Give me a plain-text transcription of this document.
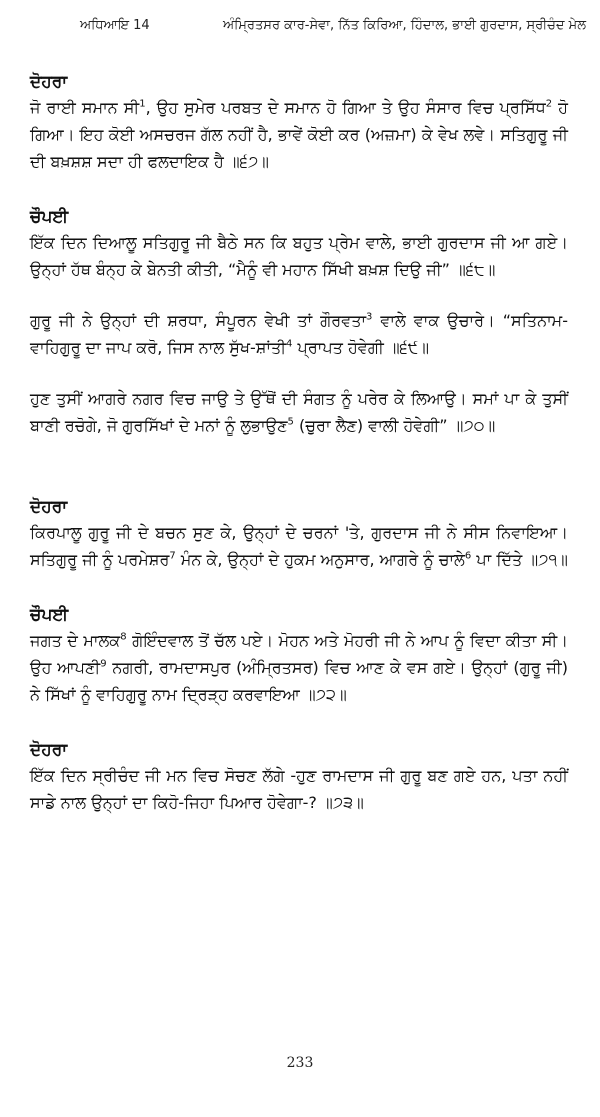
ਅਧਿਆਇ 14	ਅੰਮ੍ਰਿਤਸਰ ਕਾਰ-ਸੇਵਾ, ਨਿੱਤ ਕਿਰਿਆ, ਹਿੰਦਾਲ, ਭਾਈ ਗੁਰਦਾਸ, ਸ੍ਰੀਚੰਦ ਮੇਲ

ਦੋਹਰਾ

ਜੋ ਰਾਈ ਸਮਾਨ ਸੀ$^1$, ਉਹ ਸੁਮੇਰ ਪਰਬਤ ਦੇ ਸਮਾਨ ਹੋ ਗਿਆ ਤੇ ਉਹ ਸੰਸਾਰ ਵਿਚ ਪ੍ਰਸਿੱਧ$^2$ ਹੋ ਗਿਆ। ਇਹ ਕੋਈ ਅਸਚਰਜ ਗੱਲ ਨਹੀਂ ਹੈ, ਭਾਵੇਂ ਕੋਈ ਕਰ (ਅਜ਼ਮਾ) ਕੇ ਵੇਖ ਲਵੇ। ਸਤਿਗੁਰੂ ਜੀ ਦੀ ਬਖ਼ਸ਼ਸ਼ ਸਦਾ ਹੀ ਫਲਦਾਇਕ ਹੈ ॥੬੭॥

ਚੌਪਈ

ਇੱਕ ਦਿਨ ਦਿਆਲੂ ਸਤਿਗੁਰੂ ਜੀ ਬੈਠੇ ਸਨ ਕਿ ਬਹੁਤ ਪ੍ਰੇਮ ਵਾਲੇ, ਭਾਈ ਗੁਰਦਾਸ ਜੀ ਆ ਗਏ। ਉਨ੍ਹਾਂ ਹੱਥ ਬੰਨ੍ਹ ਕੇ ਬੇਨਤੀ ਕੀਤੀ, “ਮੈਨੂੰ ਵੀ ਮਹਾਨ ਸਿੱਖੀ ਬਖ਼ਸ਼ ਦਿਉ ਜੀ” ॥੬੮॥

ਗੁਰੂ ਜੀ ਨੇ ਉਨ੍ਹਾਂ ਦੀ ਸ਼ਰਧਾ, ਸੰਪੂਰਨ ਵੇਖੀ ਤਾਂ ਗੌਰਵਤਾ$^3$ ਵਾਲੇ ਵਾਕ ਉਚਾਰੇ। “ਸਤਿਨਾਮ-ਵਾਹਿਗੁਰੂ ਦਾ ਜਾਪ ਕਰੋ, ਜਿਸ ਨਾਲ ਸੁੱਖ-ਸ਼ਾਂਤੀ$^4$ ਪ੍ਰਾਪਤ ਹੋਵੇਗੀ ॥੬੯॥

ਹੁਣ ਤੁਸੀਂ ਆਗਰੇ ਨਗਰ ਵਿਚ ਜਾਉ ਤੇ ਉੱਥੋਂ ਦੀ ਸੰਗਤ ਨੂੰ ਪਰੇਰ ਕੇ ਲਿਆਉ। ਸਮਾਂ ਪਾ ਕੇ ਤੁਸੀਂ ਬਾਣੀ ਰਚੋਗੇ, ਜੋ ਗੁਰਸਿੱਖਾਂ ਦੇ ਮਨਾਂ ਨੂੰ ਲੁਭਾਉਣ$^5$ (ਚੁਰਾ ਲੈਣ) ਵਾਲੀ ਹੋਵੇਗੀ” ॥੭੦॥

ਦੋਹਰਾ

ਕਿਰਪਾਲੂ ਗੁਰੂ ਜੀ ਦੇ ਬਚਨ ਸੁਣ ਕੇ, ਉਨ੍ਹਾਂ ਦੇ ਚਰਨਾਂ 'ਤੇ, ਗੁਰਦਾਸ ਜੀ ਨੇ ਸੀਸ ਨਿਵਾਇਆ। ਸਤਿਗੁਰੂ ਜੀ ਨੂੰ ਪਰਮੇਸ਼ਰ$^7$ ਮੰਨ ਕੇ, ਉਨ੍ਹਾਂ ਦੇ ਹੁਕਮ ਅਨੁਸਾਰ, ਆਗਰੇ ਨੂੰ ਚਾਲੇ$^6$ ਪਾ ਦਿੱਤੇ ॥੭੧॥

ਚੌਪਈ

ਜਗਤ ਦੇ ਮਾਲਕ$^8$ ਗੋਇੰਦਵਾਲ ਤੋਂ ਚੱਲ ਪਏ। ਮੋਹਨ ਅਤੇ ਮੋਹਰੀ ਜੀ ਨੇ ਆਪ ਨੂੰ ਵਿਦਾ ਕੀਤਾ ਸੀ। ਉਹ ਆਪਣੀ$^9$ ਨਗਰੀ, ਰਾਮਦਾਸਪੁਰ (ਅੰਮ੍ਰਿਤਸਰ) ਵਿਚ ਆਣ ਕੇ ਵਸ ਗਏ। ਉਨ੍ਹਾਂ (ਗੁਰੂ ਜੀ) ਨੇ ਸਿੱਖਾਂ ਨੂੰ ਵਾਹਿਗੁਰੂ ਨਾਮ ਦ੍ਰਿੜ੍ਹ ਕਰਵਾਇਆ ॥੭੨॥

ਦੋਹਰਾ

ਇੱਕ ਦਿਨ ਸ੍ਰੀਚੰਦ ਜੀ ਮਨ ਵਿਚ ਸੋਚਣ ਲੱਗੇ -ਹੁਣ ਰਾਮਦਾਸ ਜੀ ਗੁਰੂ ਬਣ ਗਏ ਹਨ, ਪਤਾ ਨਹੀਂ ਸਾਡੇ ਨਾਲ ਉਨ੍ਹਾਂ ਦਾ ਕਿਹੋ-ਜਿਹਾ ਪਿਆਰ ਹੋਵੇਗਾ-? ॥੭੩॥

233
